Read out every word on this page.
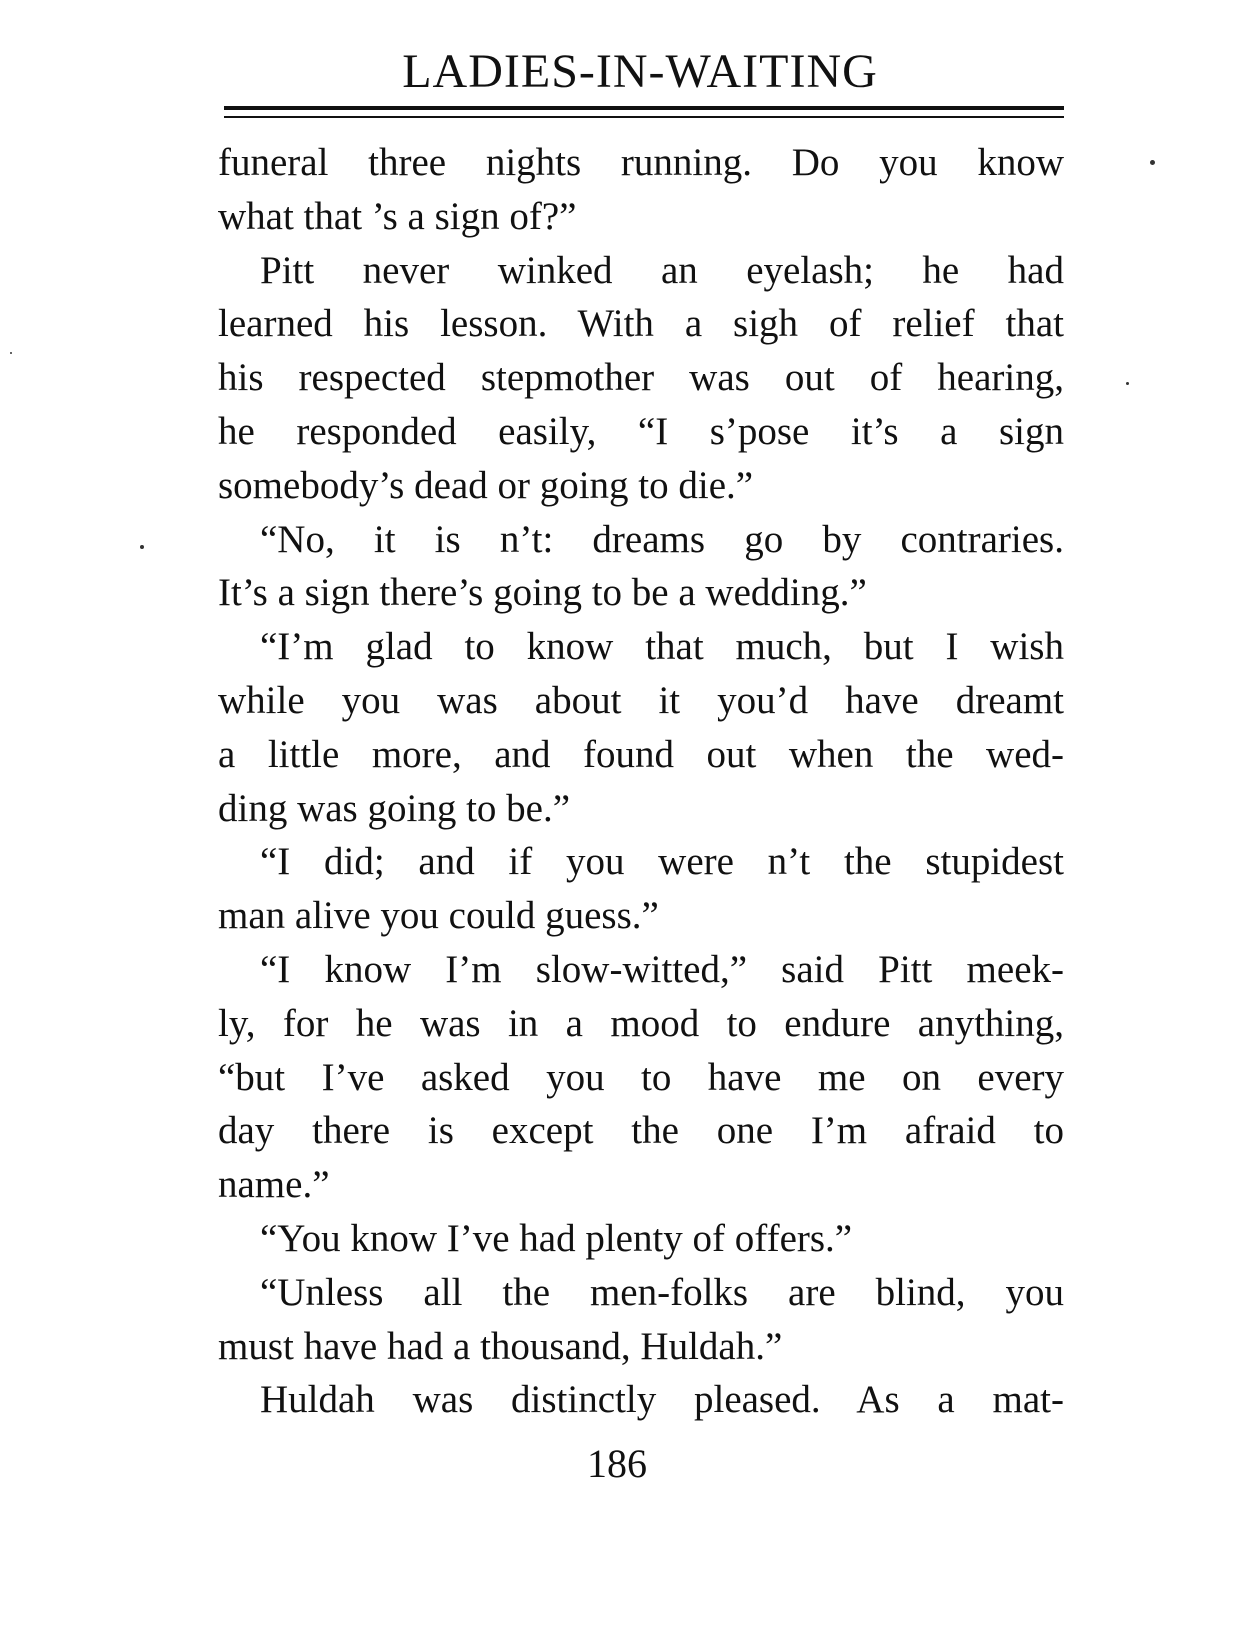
LADIES-IN-WAITING
funeral three nights running. Do you know
what that ’s a sign of?”
Pitt never winked an eyelash; he had
learned his lesson. With a sigh of relief that
his respected stepmother was out of hearing,
he responded easily, “I s’pose it’s a sign
somebody’s dead or going to die.”
“No, it is n’t: dreams go by contraries.
It’s a sign there’s going to be a wedding.”
“I’m glad to know that much, but I wish
while you was about it you’d have dreamt
a little more, and found out when the wed-
ding was going to be.”
“I did; and if you were n’t the stupidest
man alive you could guess.”
“I know I’m slow-witted,” said Pitt meek-
ly, for he was in a mood to endure anything,
“but I’ve asked you to have me on every
day there is except the one I’m afraid to
name.”
“You know I’ve had plenty of offers.”
“Unless all the men-folks are blind, you
must have had a thousand, Huldah.”
Huldah was distinctly pleased. As a mat-
186
